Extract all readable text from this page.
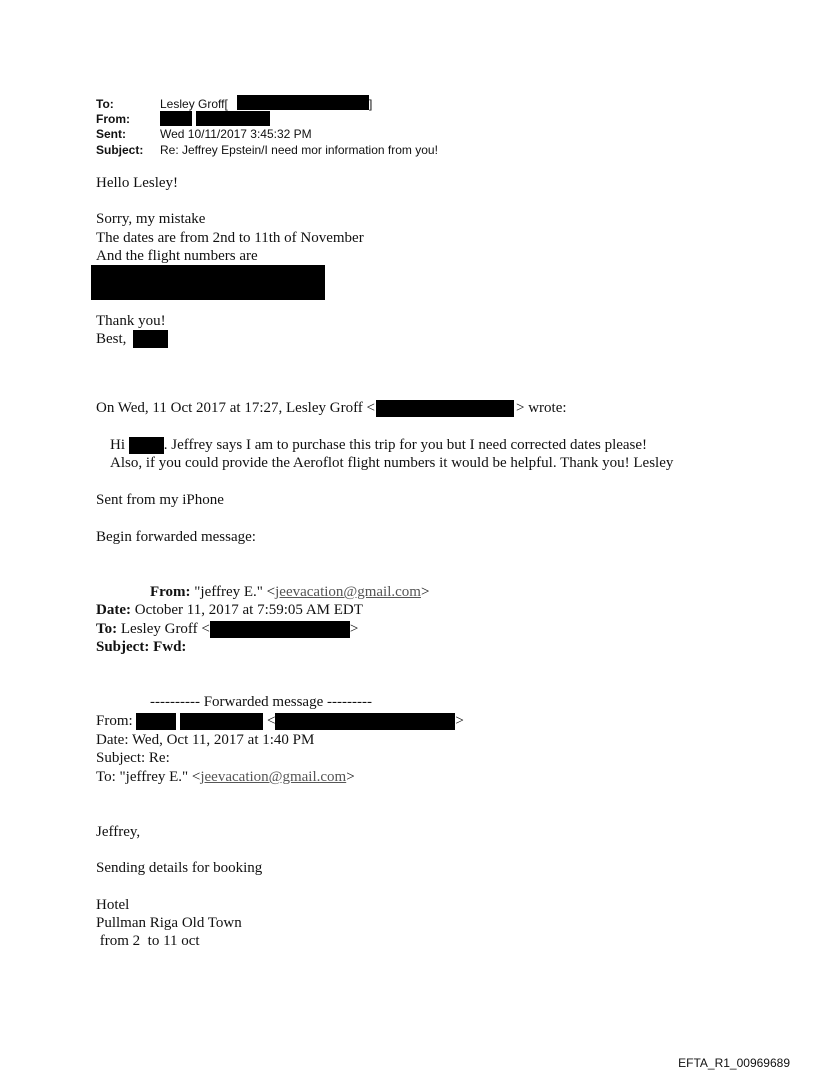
To:	Lesley Groff[	]
From:
Sent:	Wed 10/11/2017 3:45:32 PM
Subject: Re: Jeffrey Epstein/I need mor information from you!
Hello Lesley!
Sorry, my mistake
The dates are from 2nd to 11th of November
And the flight numbers are
Thank you!
Best,
On Wed, 11 Oct 2017 at 17:27, Lesley Groff <	> wrote:
Hi	. Jeffrey says I am to purchase this trip for you but I need corrected dates please!
Also, if you could provide the Aeroflot flight numbers it would be helpful. Thank you! Lesley
Sent from my iPhone
Begin forwarded message:
From: "jeffrey E." <jeevacation@gmail.com>
Date: October 11, 2017 at 7:59:05 AM EDT
To: Lesley Groff <	>
Subject: Fwd:
---------- Forwarded message ---------
From:	<	>
Date: Wed, Oct 11, 2017 at 1:40 PM
Subject: Re:
To: "jeffrey E." <jeevacation@gmail.com>
Jeffrey,
Sending details for booking
Hotel
Pullman Riga Old Town
from 2  to 11 oct
EFTA_R1_00969689
